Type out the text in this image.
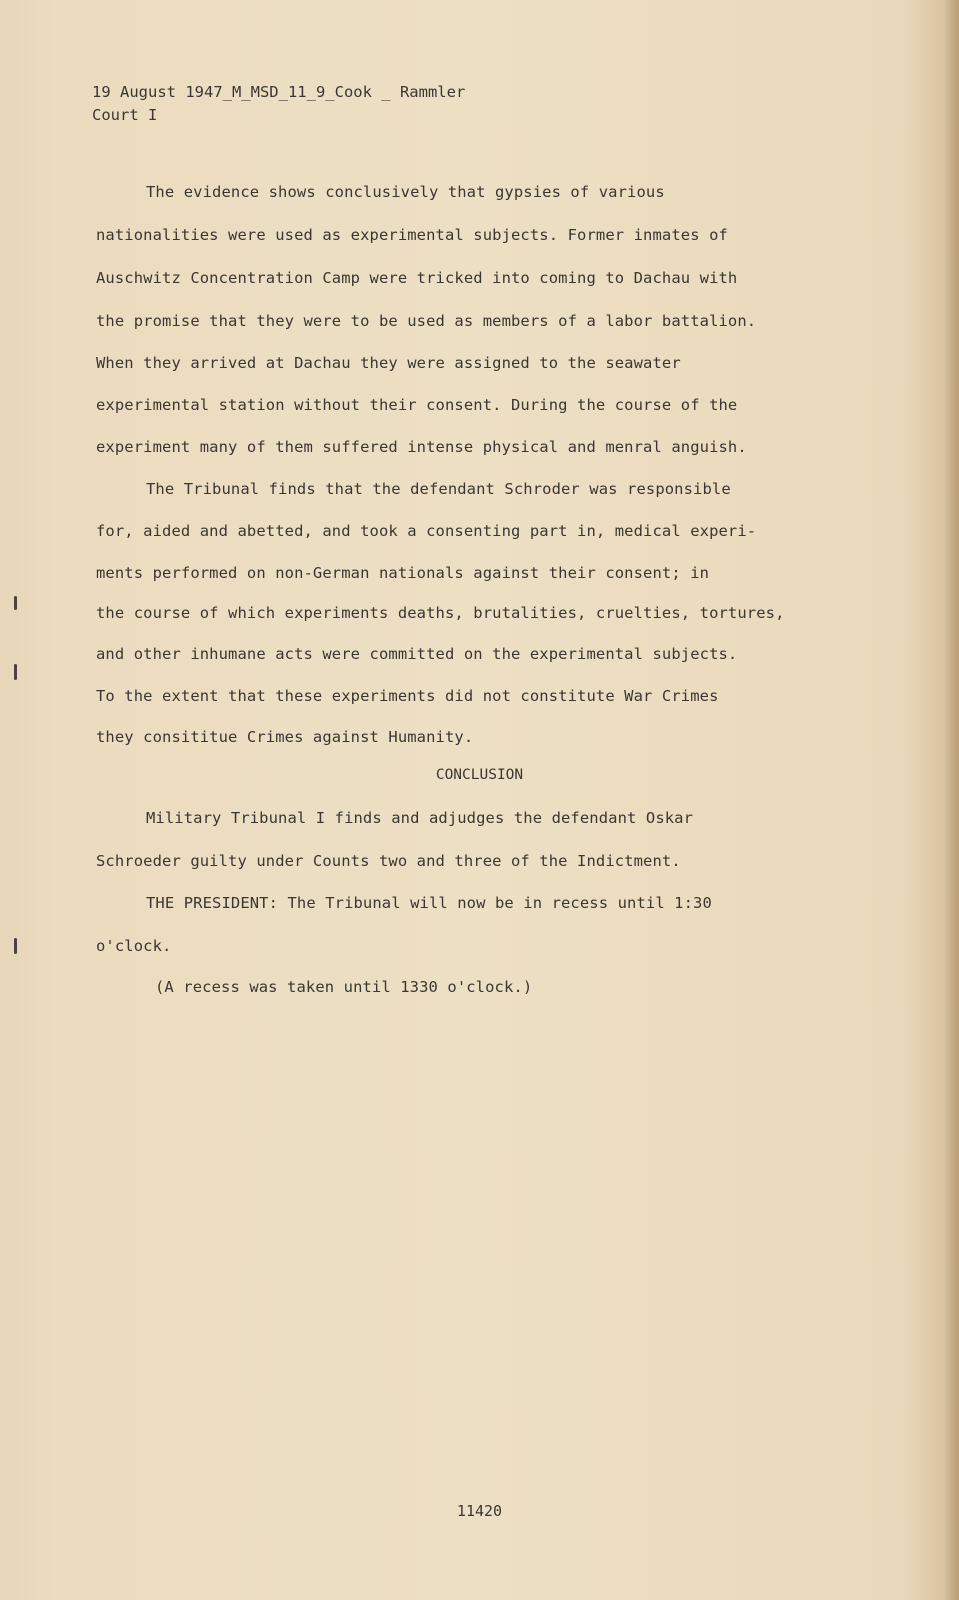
19 August 1947_M_MSD_11_9_Cook _ Rammler
Court I
The evidence shows conclusively that gypsies of various
nationalities were used as experimental subjects. Former inmates of
Auschwitz Concentration Camp were tricked into coming to Dachau with
the promise that they were to be used as members of a labor battalion.
When they arrived at Dachau they were assigned to the seawater
experimental station without their consent. During the course of the
experiment many of them suffered intense physical and menral anguish.
The Tribunal finds that the defendant Schroder was responsible
for, aided and abetted, and took a consenting part in, medical experi-
ments performed on non-German nationals against their consent; in
the course of which experiments deaths, brutalities, cruelties, tortures,
and other inhumane acts were committed on the experimental subjects.
To the extent that these experiments did not constitute War Crimes
they consititue Crimes against Humanity.
CONCLUSION
Military Tribunal I finds and adjudges the defendant Oskar
Schroeder guilty under Counts two and three of the Indictment.
THE PRESIDENT: The Tribunal will now be in recess until 1:30
o'clock.
(A recess was taken until 1330 o'clock.)
11420
